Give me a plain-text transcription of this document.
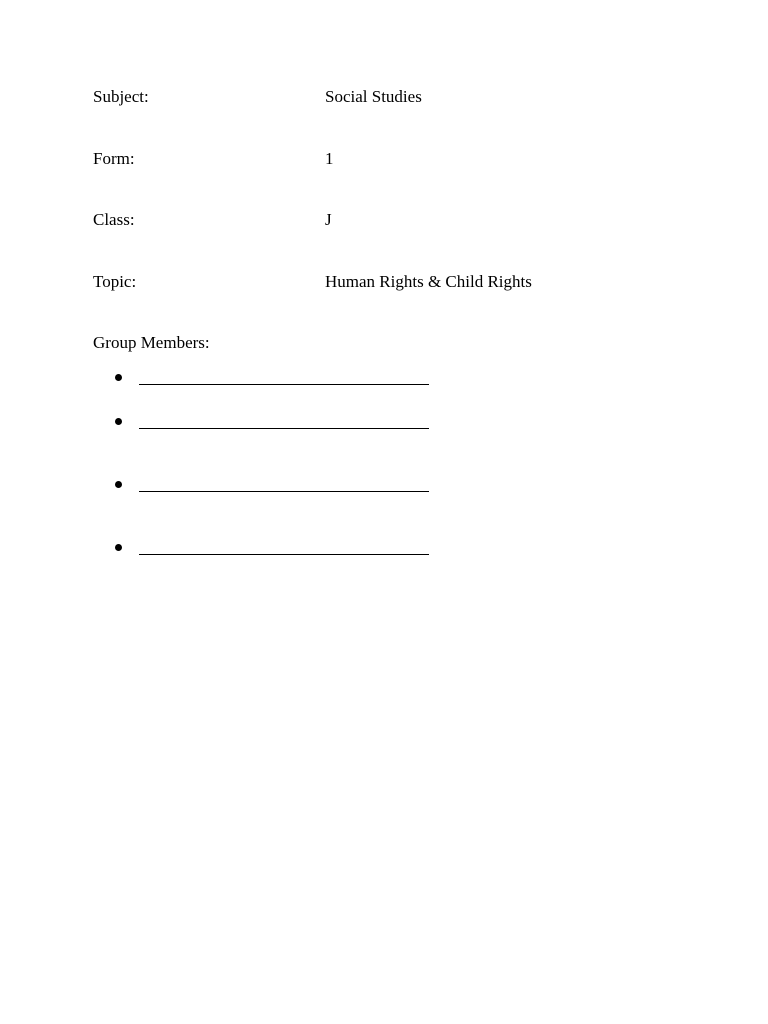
Subject:	Social Studies
Form:	1
Class:	J
Topic:	Human Rights & Child Rights
Group Members:
